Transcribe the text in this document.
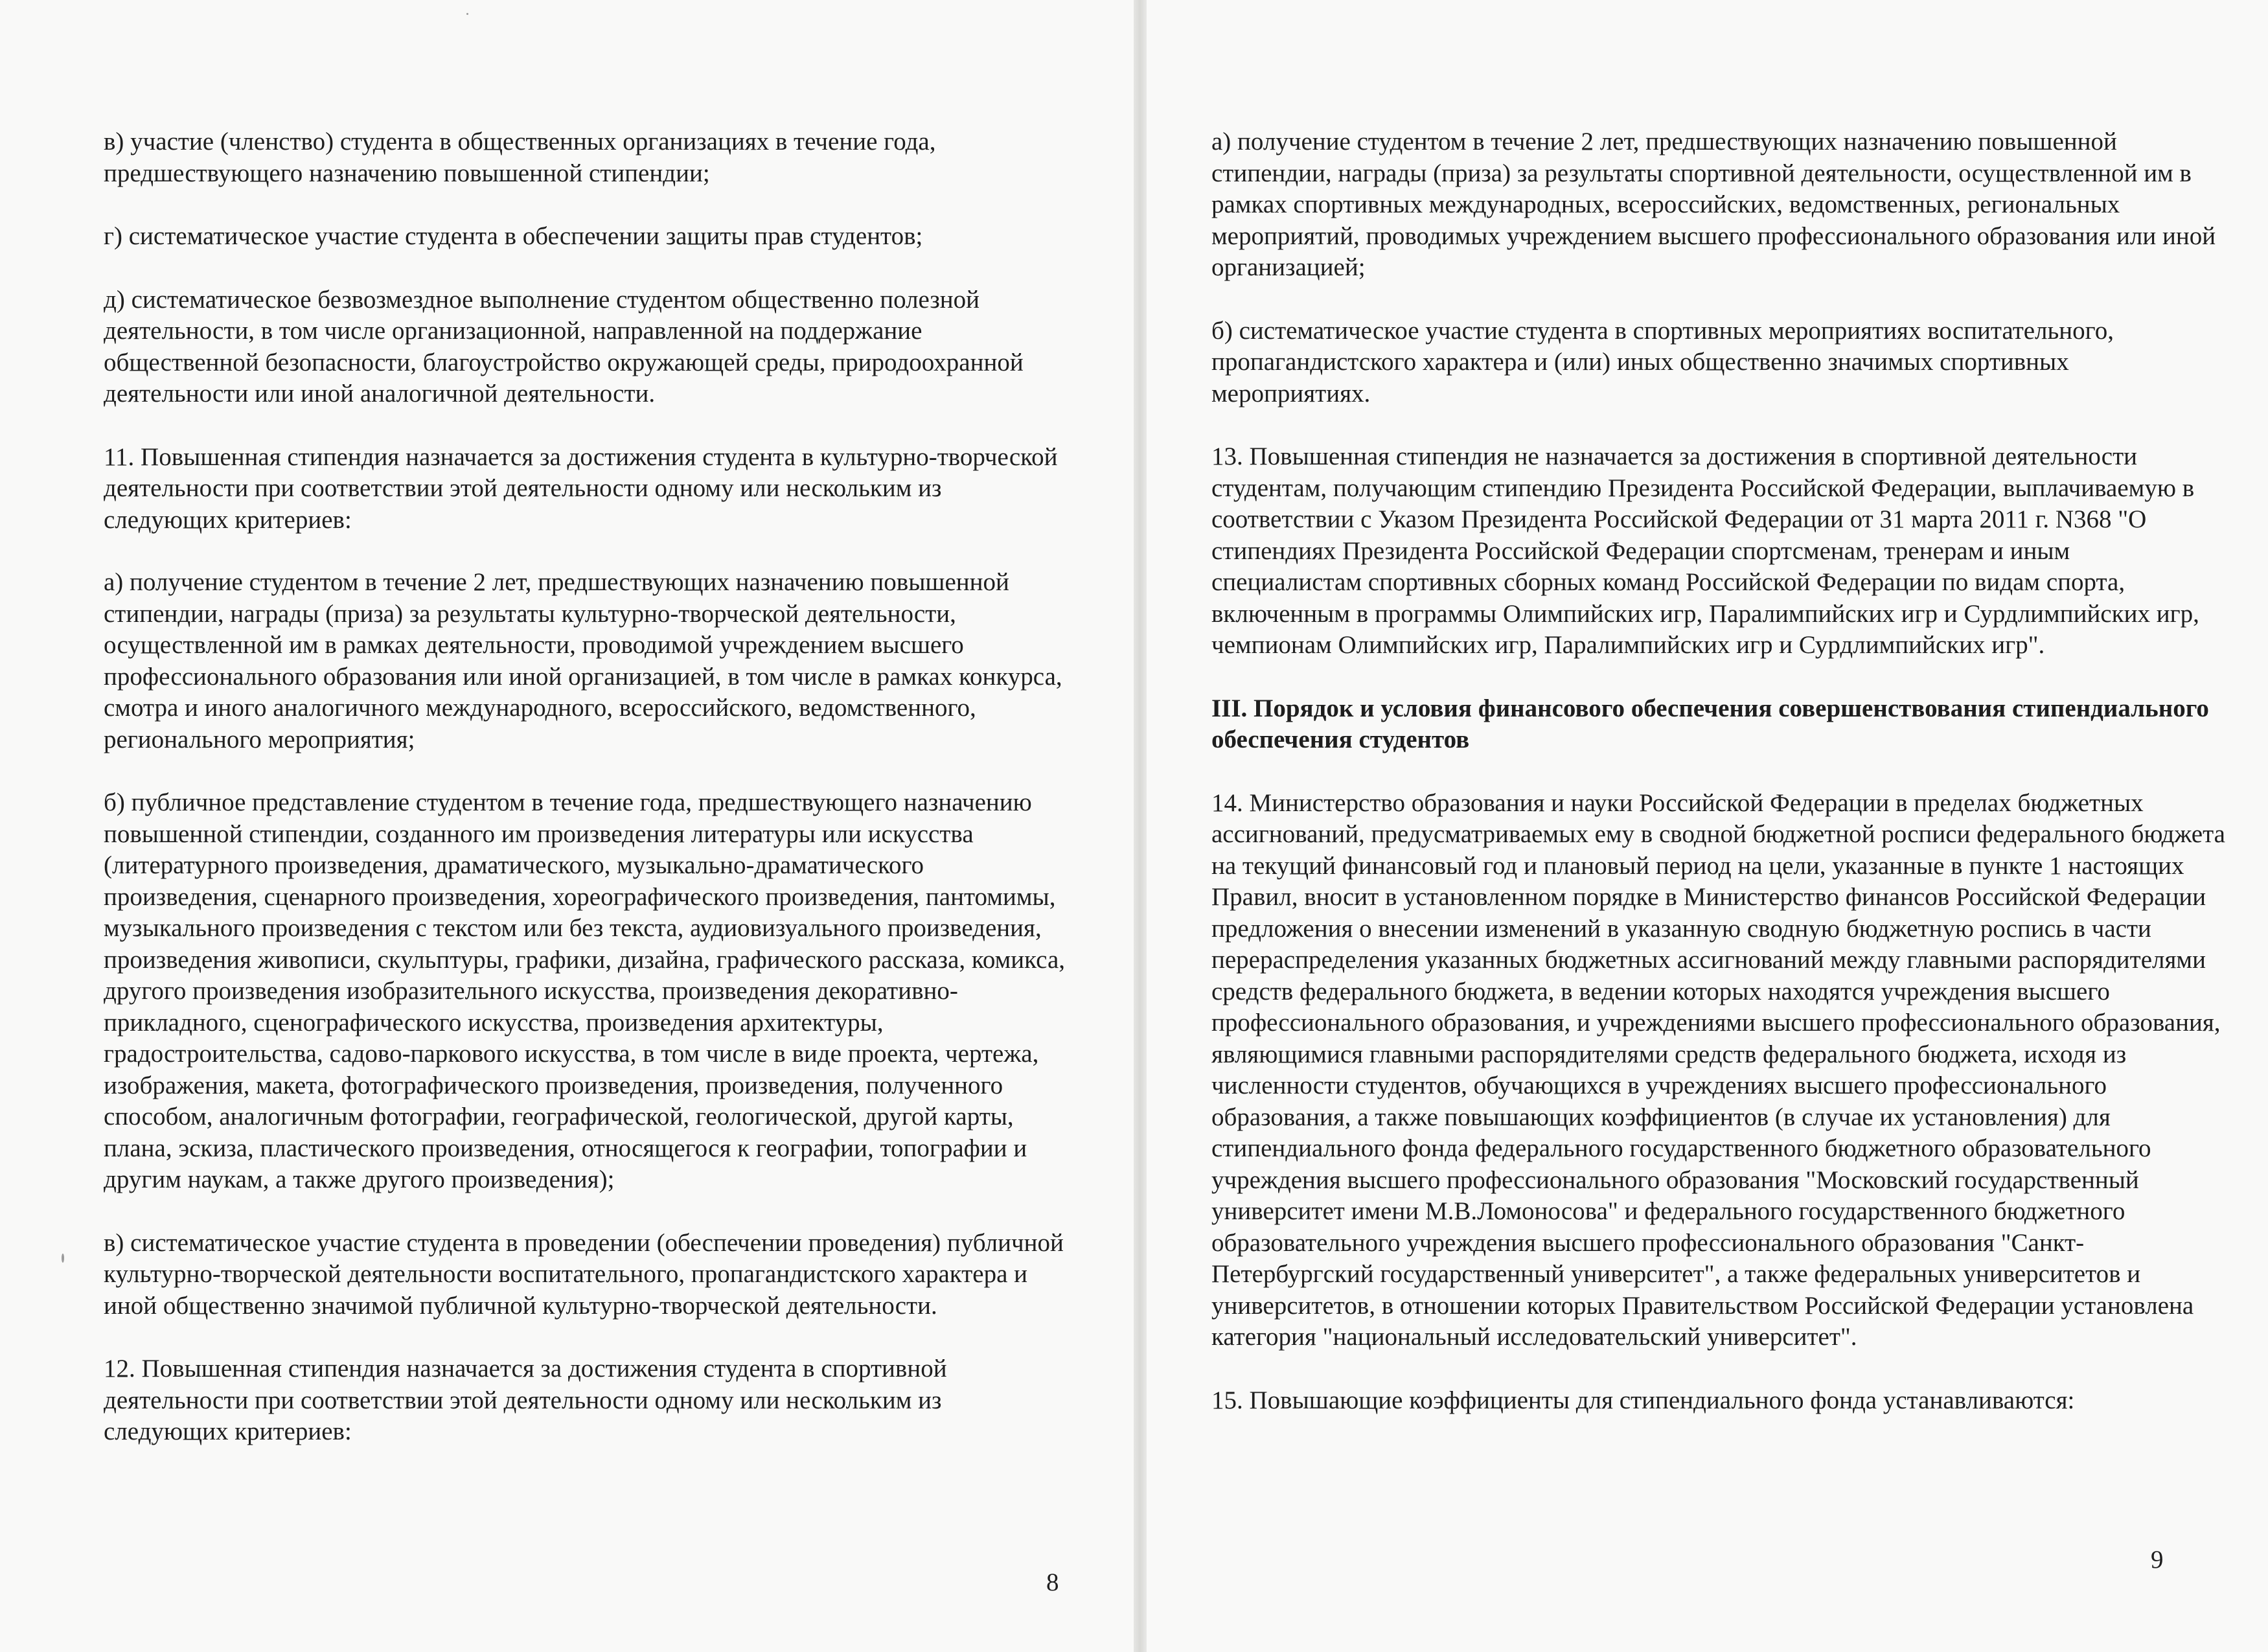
в) участие (членство) студента в общественных организациях в течение года, предшествующего назначению повышенной стипендии;

г) систематическое участие студента в обеспечении защиты прав студентов;

д) систематическое безвозмездное выполнение студентом общественно полезной деятельности, в том числе организационной, направленной на поддержание общественной безопасности, благоустройство окружающей среды, природоохранной деятельности или иной аналогичной деятельности.

11. Повышенная стипендия назначается за достижения студента в культурно-творческой деятельности при соответствии этой деятельности одному или нескольким из следующих критериев:

а) получение студентом в течение 2 лет, предшествующих назначению повышенной стипендии, награды (приза) за результаты культурно-творческой деятельности, осуществленной им в рамках деятельности, проводимой учреждением высшего профессионального образования или иной организацией, в том числе в рамках конкурса, смотра и иного аналогичного международного, всероссийского, ведомственного, регионального мероприятия;

б) публичное представление студентом в течение года, предшествующего назначению повышенной стипендии, созданного им произведения литературы или искусства (литературного произведения, драматического, музыкально-драматического произведения, сценарного произведения, хореографического произведения, пантомимы, музыкального произведения с текстом или без текста, аудиовизуального произведения, произведения живописи, скульптуры, графики, дизайна, графического рассказа, комикса, другого произведения изобразительного искусства, произведения декоративно-прикладного, сценографического искусства, произведения архитектуры, градостроительства, садово-паркового искусства, в том числе в виде проекта, чертежа, изображения, макета, фотографического произведения, произведения, полученного способом, аналогичным фотографии, географической, геологической, другой карты, плана, эскиза, пластического произведения, относящегося к географии, топографии и другим наукам, а также другого произведения);

в) систематическое участие студента в проведении (обеспечении проведения) публичной культурно-творческой деятельности воспитательного, пропагандистского характера и иной общественно значимой публичной культурно-творческой деятельности.

12. Повышенная стипендия назначается за достижения студента в спортивной деятельности при соответствии этой деятельности одному или нескольким из следующих критериев:

8

а) получение студентом в течение 2 лет, предшествующих назначению повышенной стипендии, награды (приза) за результаты спортивной деятельности, осуществленной им в рамках спортивных международных, всероссийских, ведомственных, региональных мероприятий, проводимых учреждением высшего профессионального образования или иной организацией;

б) систематическое участие студента в спортивных мероприятиях воспитательного, пропагандистского характера и (или) иных общественно значимых спортивных мероприятиях.

13. Повышенная стипендия не назначается за достижения в спортивной деятельности студентам, получающим стипендию Президента Российской Федерации, выплачиваемую в соответствии с Указом Президента Российской Федерации от 31 марта 2011 г. N368 "О стипендиях Президента Российской Федерации спортсменам, тренерам и иным специалистам спортивных сборных команд Российской Федерации по видам спорта, включенным в программы Олимпийских игр, Паралимпийских игр и Сурдлимпийских игр, чемпионам Олимпийских игр, Паралимпийских игр и Сурдлимпийских игр".

III. Порядок и условия финансового обеспечения совершенствования стипендиального обеспечения студентов

14. Министерство образования и науки Российской Федерации в пределах бюджетных ассигнований, предусматриваемых ему в сводной бюджетной росписи федерального бюджета на текущий финансовый год и плановый период на цели, указанные в пункте 1 настоящих Правил, вносит в установленном порядке в Министерство финансов Российской Федерации предложения о внесении изменений в указанную сводную бюджетную роспись в части перераспределения указанных бюджетных ассигнований между главными распорядителями средств федерального бюджета, в ведении которых находятся учреждения высшего профессионального образования, и учреждениями высшего профессионального образования, являющимися главными распорядителями средств федерального бюджета, исходя из численности студентов, обучающихся в учреждениях высшего профессионального образования, а также повышающих коэффициентов (в случае их установления) для стипендиального фонда федерального государственного бюджетного образовательного учреждения высшего профессионального образования "Московский государственный университет имени М.В.Ломоносова" и федерального государственного бюджетного образовательного учреждения высшего профессионального образования "Санкт-Петербургский государственный университет", а также федеральных университетов и университетов, в отношении которых Правительством Российской Федерации установлена категория "национальный исследовательский университет".

15. Повышающие коэффициенты для стипендиального фонда устанавливаются:

9
